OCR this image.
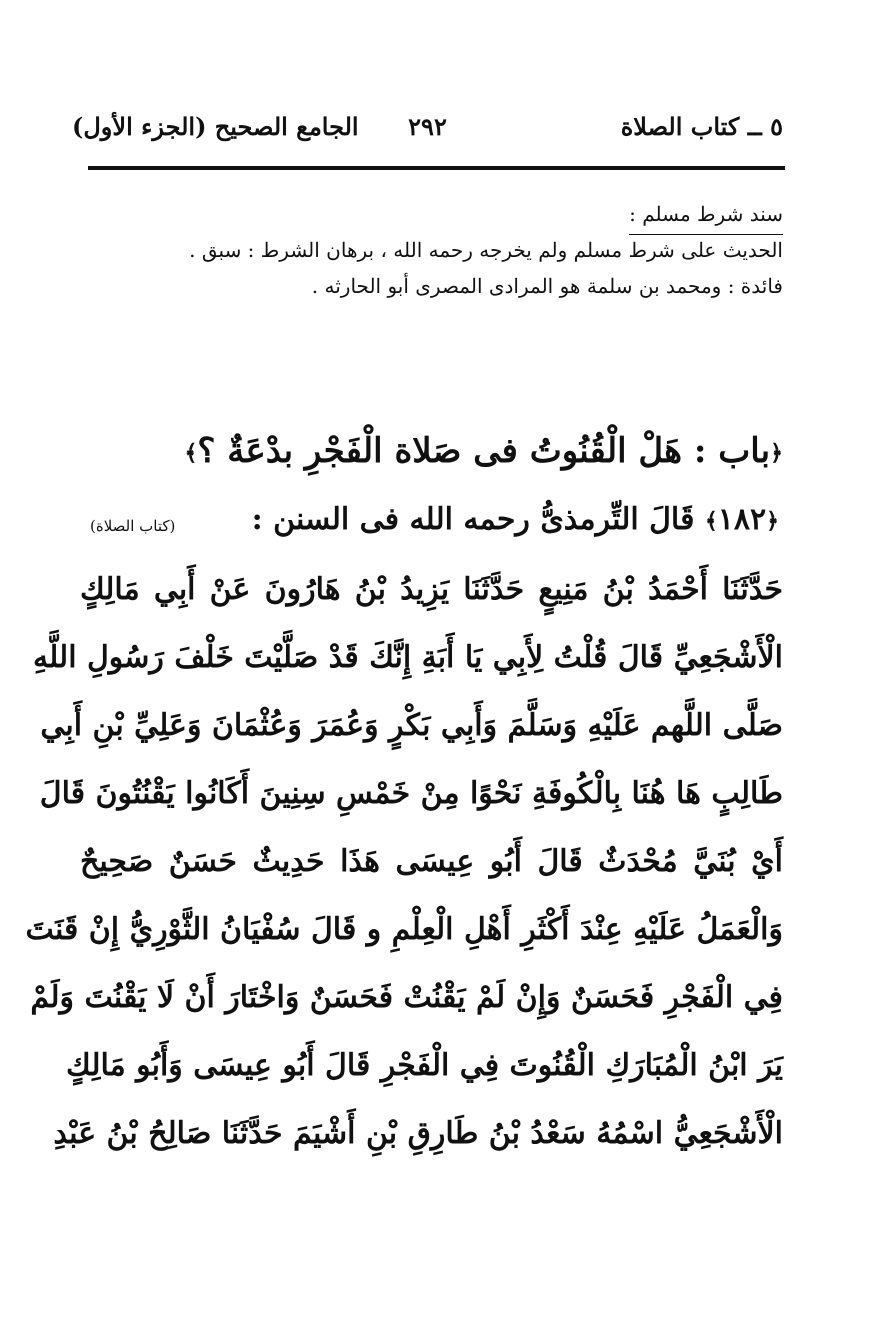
٥ ــ كتاب الصلاة
٢٩٢
الجامع الصحيح (الجزء الأول)

سند شرط مسلم :

الحديث على شرط مسلم ولم يخرجه رحمه الله ، برهان الشرط : سبق .

فائدة : ومحمد بن سلمة هو المرادى المصرى أبو الحارثه .

﴿باب : هَلْ الْقُنُوتُ فى صَلاة الْفَجْرِ بدْعَةٌ ؟﴾
﴿١٨٢﴾ قَالَ التِّرمذىُّ رحمه الله فى السنن :
(كتاب الصلاة)
حَدَّثَنَا أَحْمَدُ بْنُ مَنِيعٍ حَدَّثَنَا يَزِيدُ بْنُ هَارُونَ عَنْ أَبِي مَالِكٍ
الْأَشْجَعِيِّ قَالَ قُلْتُ لِأَبِي يَا أَبَةِ إِنَّكَ قَدْ صَلَّيْتَ خَلْفَ رَسُولِ اللَّهِ
صَلَّى اللَّهم عَلَيْهِ وَسَلَّمَ وَأَبِي بَكْرٍ وَعُمَرَ وَعُثْمَانَ وَعَلِيِّ بْنِ أَبِي
طَالِبٍ هَا هُنَا بِالْكُوفَةِ نَحْوًا مِنْ خَمْسِ سِنِينَ أَكَانُوا يَقْنُتُونَ قَالَ
أَيْ بُنَيَّ مُحْدَثٌ قَالَ أَبُو عِيسَى هَذَا حَدِيثٌ حَسَنٌ صَحِيحٌ
وَالْعَمَلُ عَلَيْهِ عِنْدَ أَكْثَرِ أَهْلِ الْعِلْمِ و قَالَ سُفْيَانُ الثَّوْرِيُّ إِنْ قَنَتَ
فِي الْفَجْرِ فَحَسَنٌ وَإِنْ لَمْ يَقْنُتْ فَحَسَنٌ وَاخْتَارَ أَنْ لَا يَقْنُتَ وَلَمْ
يَرَ ابْنُ الْمُبَارَكِ الْقُنُوتَ فِي الْفَجْرِ قَالَ أَبُو عِيسَى وَأَبُو مَالِكٍ
الْأَشْجَعِيُّ اسْمُهُ سَعْدُ بْنُ طَارِقِ بْنِ أَشْيَمَ حَدَّثَنَا صَالِحُ بْنُ عَبْدِ
